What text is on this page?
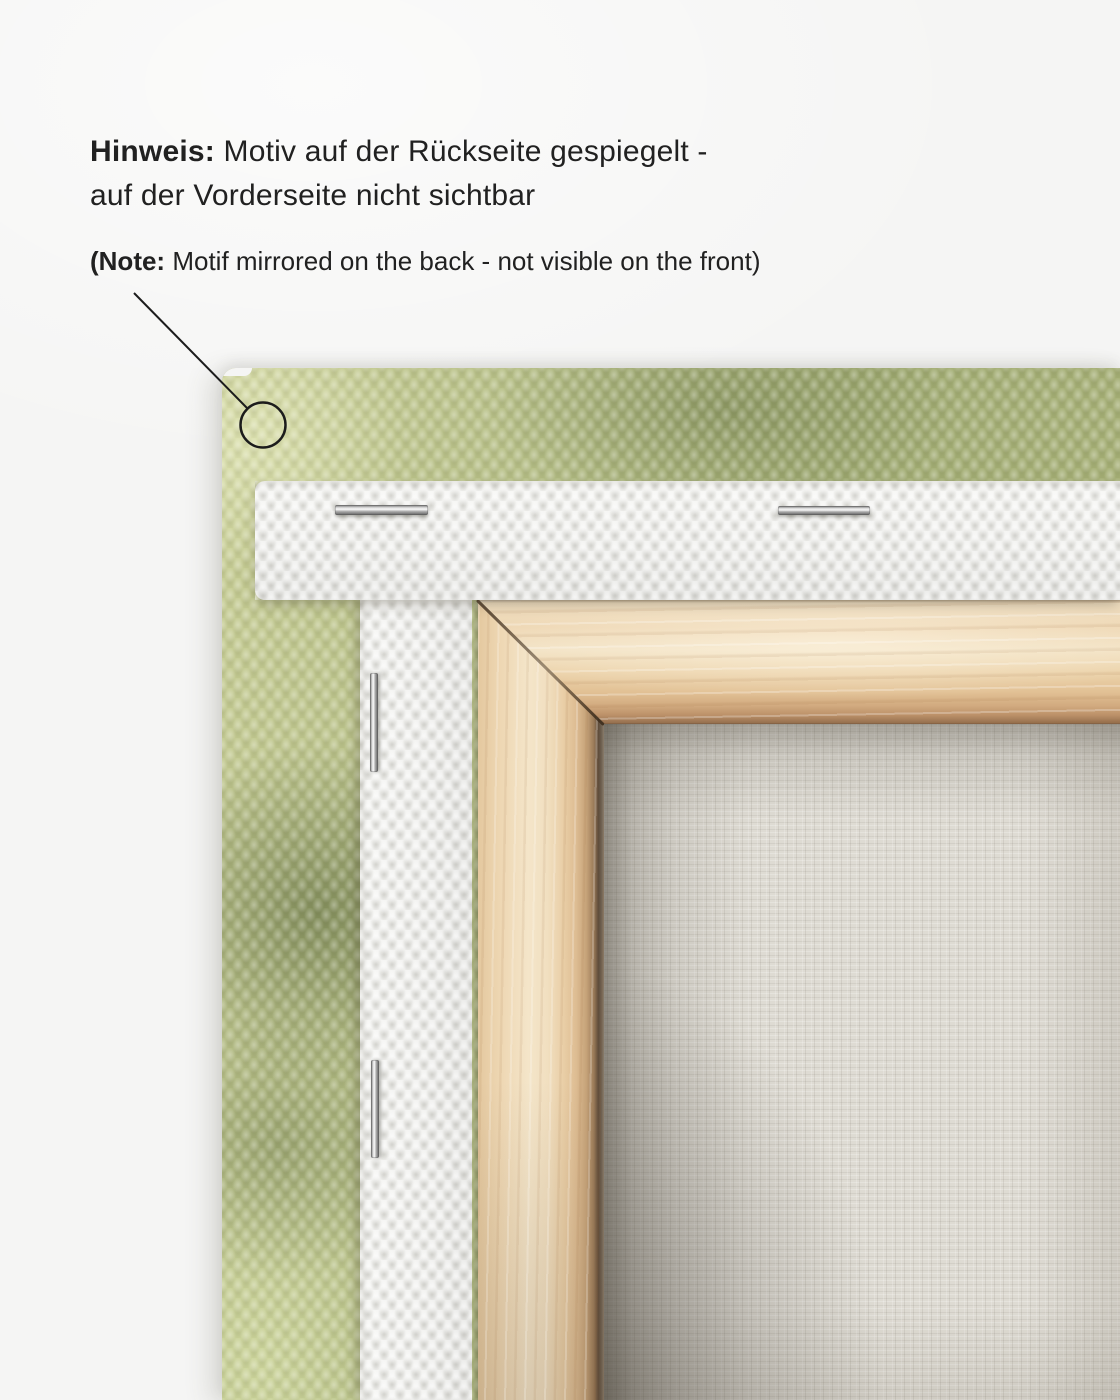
Hinweis: Motiv auf der Rückseite gespiegelt -
auf der Vorderseite nicht sichtbar

(Note: Motif mirrored on the back - not visible on the front)
